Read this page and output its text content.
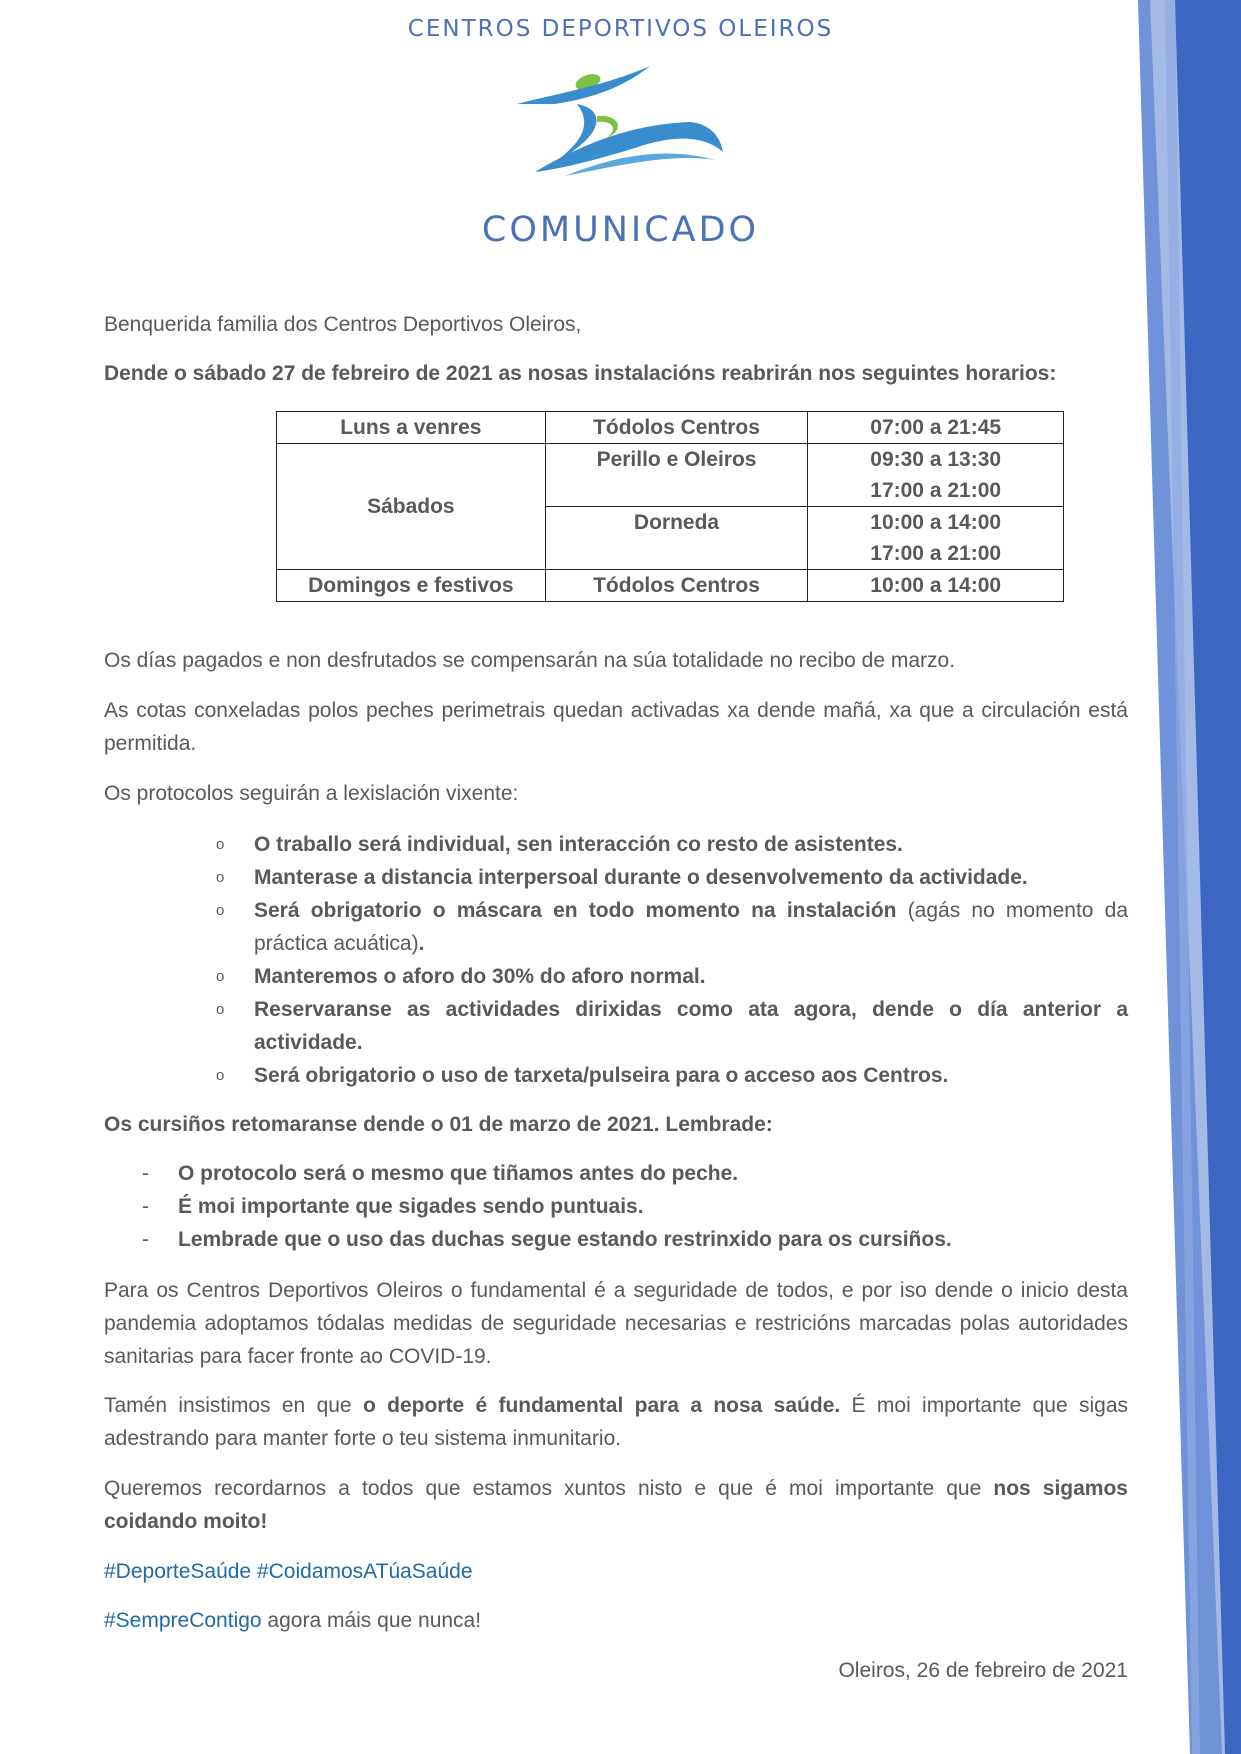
CENTROS DEPORTIVOS OLEIROS
COMUNICADO

Benquerida familia dos Centros Deportivos Oleiros,

Dende o sábado 27 de febreiro de 2021 as nosas instalacións reabrirán nos seguintes horarios:

Luns a venres	Tódolos Centros	07:00 a 21:45
Sábados	Perillo e Oleiros	09:30 a 13:30
17:00 a 21:00

	Dorneda	10:00 a 14:00
17:00 a 21:00

Domingos e festivos	Tódolos Centros	10:00 a 14:00

Os días pagados e non desfrutados se compensarán na súa totalidade no recibo de marzo.

As cotas conxeladas polos peches perimetrais quedan activadas xa dende mañá, xa que a circulación está permitida.

Os protocolos seguirán a lexislación vixente:

o O traballo será individual, sen interacción co resto de asistentes.
o Manterase a distancia interpersoal durante o desenvolvemento da actividade.
o Será obrigatorio o máscara en todo momento na instalación (agás no momento da práctica acuática).
o Manteremos o aforo do 30% do aforo normal.
o Reservaranse as actividades dirixidas como ata agora, dende o día anterior a actividade.
o Será obrigatorio o uso de tarxeta/pulseira para o acceso aos Centros.

Os cursiños retomaranse dende o 01 de marzo de 2021. Lembrade:

- O protocolo será o mesmo que tiñamos antes do peche.
- É moi importante que sigades sendo puntuais.
- Lembrade que o uso das duchas segue estando restrinxido para os cursiños.

Para os Centros Deportivos Oleiros o fundamental é a seguridade de todos, e por iso dende o inicio desta pandemia adoptamos tódalas medidas de seguridade necesarias e restricións marcadas polas autoridades sanitarias para facer fronte ao COVID-19.

Tamén insistimos en que o deporte é fundamental para a nosa saúde. É moi importante que sigas adestrando para manter forte o teu sistema inmunitario.

Queremos recordarnos a todos que estamos xuntos nisto e que é moi importante que nos sigamos coidando moito!

#DeporteSaúde #CoidamosATúaSaúde

#SempreContigo agora máis que nunca!

Oleiros, 26 de febreiro de 2021
